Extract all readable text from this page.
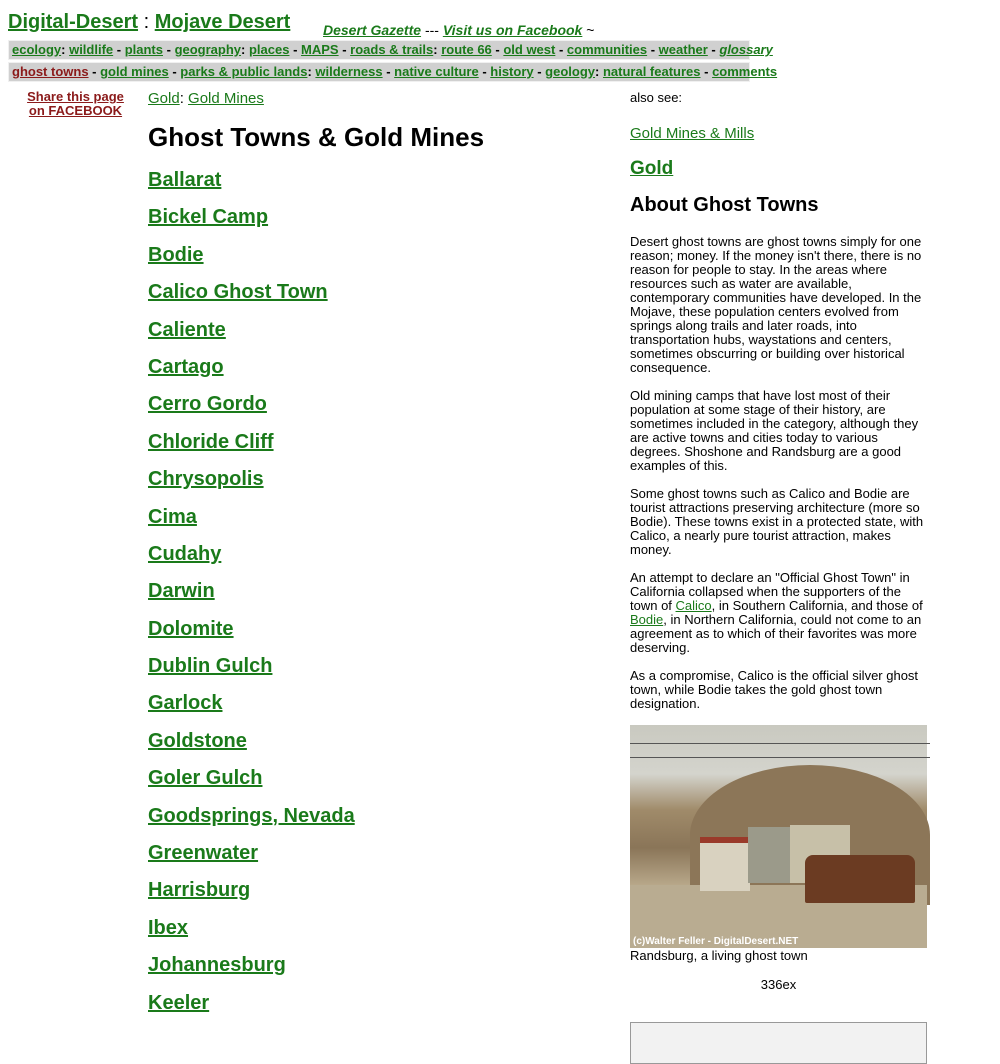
Digital-Desert : Mojave Desert Desert Gazette --- Visit us on Facebook ~
ecology: wildlife - plants - geography: places - MAPS - roads & trails: route 66 - old west - communities - weather - glossary
ghost towns - gold mines - parks & public lands: wilderness - native culture - history - geology: natural features - comments
Share this page
on FACEBOOK
Gold: Gold Mines
Ghost Towns & Gold Mines
Ballarat
Bickel Camp
Bodie
Calico Ghost Town
Caliente
Cartago
Cerro Gordo
Chloride Cliff
Chrysopolis
Cima
Cudahy
Darwin
Dolomite
Dublin Gulch
Garlock
Goldstone
Goler Gulch
Goodsprings, Nevada
Greenwater
Harrisburg
Ibex
Johannesburg
Keeler

also see:

Gold Mines & Mills
Gold
About Ghost Towns

Desert ghost towns are ghost towns simply for one reason; money. If the money isn't there, there is no reason for people to stay. In the areas where resources such as water are available, contemporary communities have developed. In the Mojave, these population centers evolved from springs along trails and later roads, into transportation hubs, waystations and centers, sometimes obscurring or building over historical consequence.

Old mining camps that have lost most of their population at some stage of their history, are sometimes included in the category, although they are active towns and cities today to various degrees. Shoshone and Randsburg are a good examples of this.

Some ghost towns such as Calico and Bodie are tourist attractions preserving architecture (more so Bodie). These towns exist in a protected state, with Calico, a nearly pure tourist attraction, makes money.

An attempt to declare an "Official Ghost Town" in California collapsed when the supporters of the town of Calico, in Southern California, and those of Bodie, in Northern California, could not come to an agreement as to which of their favorites was more deserving.

As a compromise, Calico is the official silver ghost town, while Bodie takes the gold ghost town designation.

(c)Walter Feller - DigitalDesert.NET

Randsburg, a living ghost town

336ex
